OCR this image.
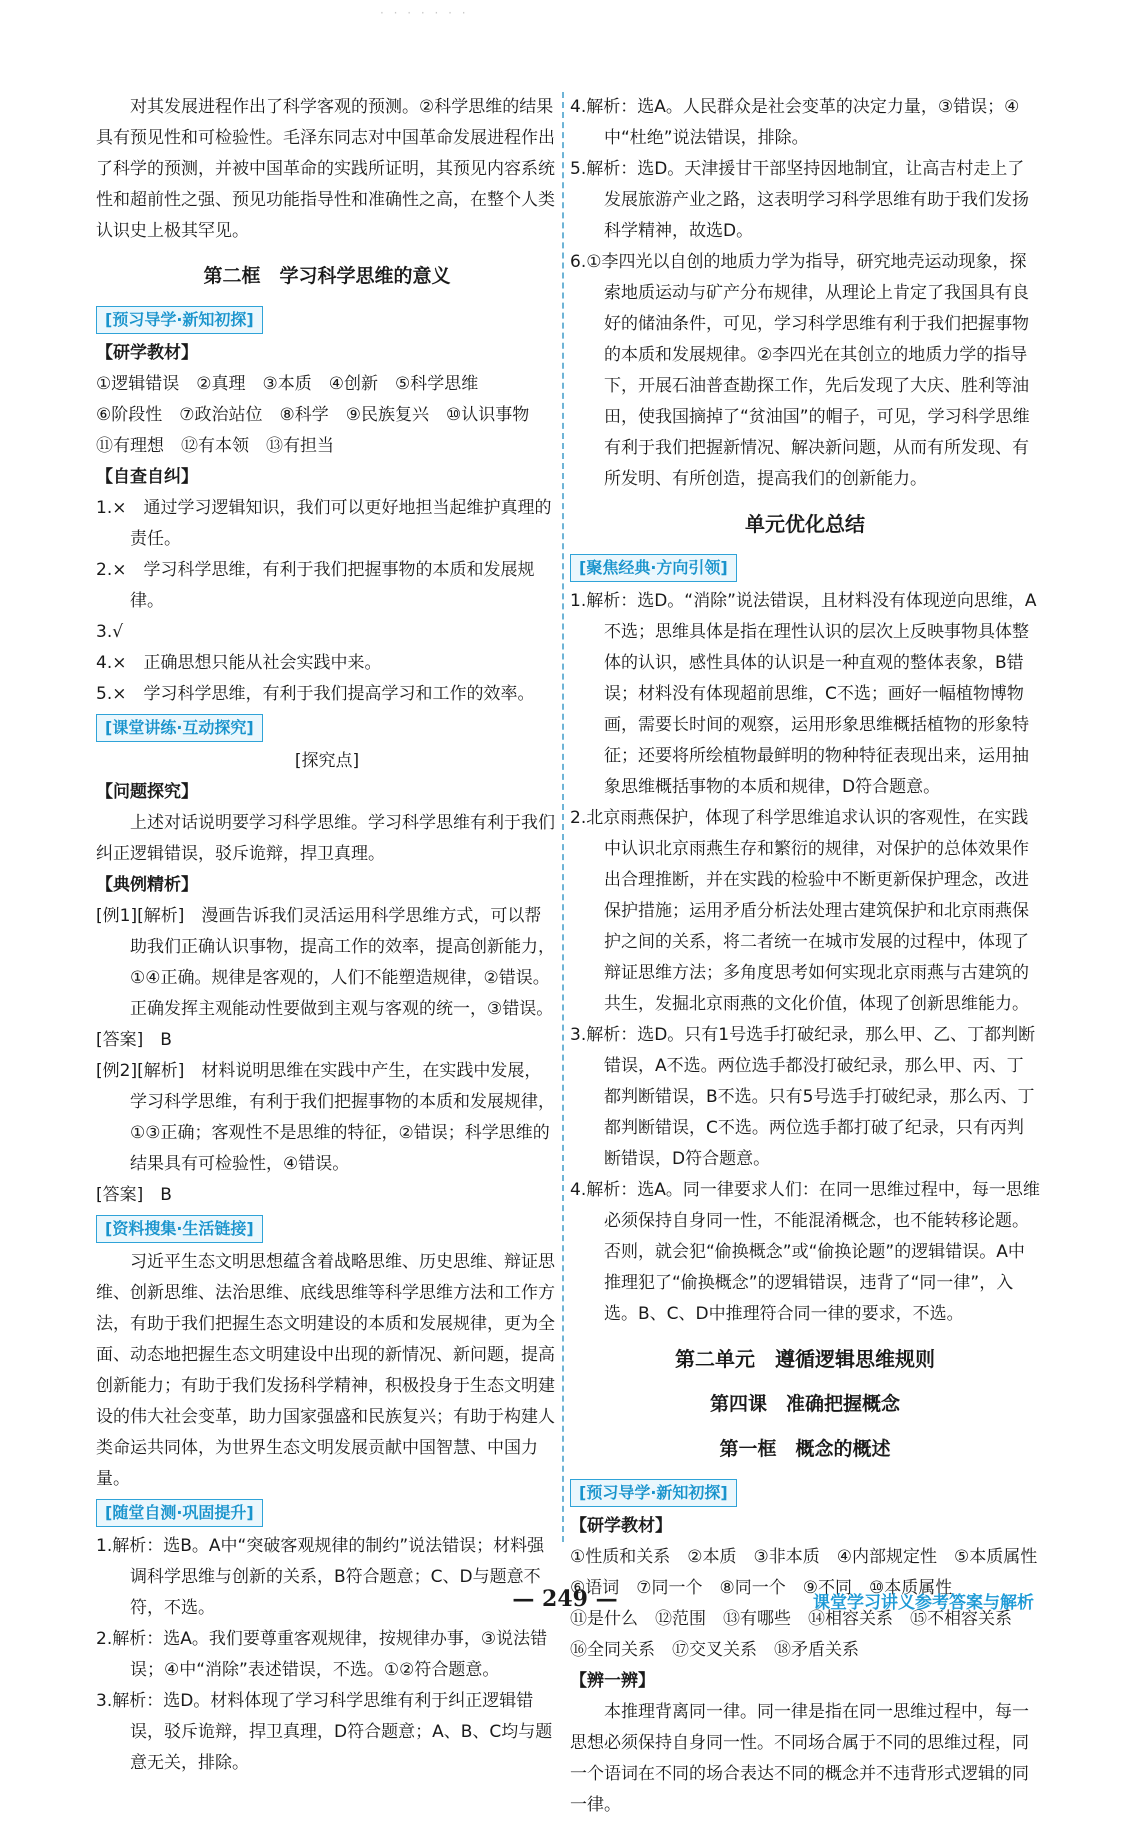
· · · · · · ·

对其发展进程作出了科学客观的预测。②科学思维的结果具有预见性和可检验性。毛泽东同志对中国革命发展进程作出了科学的预测，并被中国革命的实践所证明，其预见内容系统性和超前性之强、预见功能指导性和准确性之高，在整个人类认识史上极其罕见。

第二框　学习科学思维的意义
[预习导学·新知初探]
【研学教材】

①逻辑错误　②真理　③本质　④创新　⑤科学思维

⑥阶段性　⑦政治站位　⑧科学　⑨民族复兴　⑩认识事物

⑪有理想　⑫有本领　⑬有担当

【自查自纠】

1.×　通过学习逻辑知识，我们可以更好地担当起维护真理的责任。

2.×　学习科学思维，有利于我们把握事物的本质和发展规律。

3.√

4.×　正确思想只能从社会实践中来。

5.×　学习科学思维，有利于我们提高学习和工作的效率。

[课堂讲练·互动探究]

[探究点]

【问题探究】

上述对话说明要学习科学思维。学习科学思维有利于我们纠正逻辑错误，驳斥诡辩，捍卫真理。

【典例精析】

[例1][解析]　漫画告诉我们灵活运用科学思维方式，可以帮助我们正确认识事物，提高工作的效率，提高创新能力，①④正确。规律是客观的，人们不能塑造规律，②错误。正确发挥主观能动性要做到主观与客观的统一，③错误。

[答案]　B

[例2][解析]　材料说明思维在实践中产生，在实践中发展，学习科学思维，有利于我们把握事物的本质和发展规律，①③正确；客观性不是思维的特征，②错误；科学思维的结果具有可检验性，④错误。

[答案]　B

[资料搜集·生活链接]

习近平生态文明思想蕴含着战略思维、历史思维、辩证思维、创新思维、法治思维、底线思维等科学思维方法和工作方法，有助于我们把握生态文明建设的本质和发展规律，更为全面、动态地把握生态文明建设中出现的新情况、新问题，提高创新能力；有助于我们发扬科学精神，积极投身于生态文明建设的伟大社会变革，助力国家强盛和民族复兴；有助于构建人类命运共同体，为世界生态文明发展贡献中国智慧、中国力量。

[随堂自测·巩固提升]

1.解析：选B。A中“突破客观规律的制约”说法错误；材料强调科学思维与创新的关系，B符合题意；C、D与题意不符，不选。

2.解析：选A。我们要尊重客观规律，按规律办事，③说法错误；④中“消除”表述错误，不选。①②符合题意。

3.解析：选D。材料体现了学习科学思维有利于纠正逻辑错误，驳斥诡辩，捍卫真理，D符合题意；A、B、C均与题意无关，排除。

4.解析：选A。人民群众是社会变革的决定力量，③错误；④中“杜绝”说法错误，排除。

5.解析：选D。天津援甘干部坚持因地制宜，让高吉村走上了发展旅游产业之路，这表明学习科学思维有助于我们发扬科学精神，故选D。

6.①李四光以自创的地质力学为指导，研究地壳运动现象，探索地质运动与矿产分布规律，从理论上肯定了我国具有良好的储油条件，可见，学习科学思维有利于我们把握事物的本质和发展规律。②李四光在其创立的地质力学的指导下，开展石油普查勘探工作，先后发现了大庆、胜利等油田，使我国摘掉了“贫油国”的帽子，可见，学习科学思维有利于我们把握新情况、解决新问题，从而有所发现、有所发明、有所创造，提高我们的创新能力。

单元优化总结
[聚焦经典·方向引领]

1.解析：选D。“消除”说法错误，且材料没有体现逆向思维，A不选；思维具体是指在理性认识的层次上反映事物具体整体的认识，感性具体的认识是一种直观的整体表象，B错误；材料没有体现超前思维，C不选；画好一幅植物博物画，需要长时间的观察，运用形象思维概括植物的形象特征；还要将所绘植物最鲜明的物种特征表现出来，运用抽象思维概括事物的本质和规律，D符合题意。

2.北京雨燕保护，体现了科学思维追求认识的客观性，在实践中认识北京雨燕生存和繁衍的规律，对保护的总体效果作出合理推断，并在实践的检验中不断更新保护理念，改进保护措施；运用矛盾分析法处理古建筑保护和北京雨燕保护之间的关系，将二者统一在城市发展的过程中，体现了辩证思维方法；多角度思考如何实现北京雨燕与古建筑的共生，发掘北京雨燕的文化价值，体现了创新思维能力。

3.解析：选D。只有1号选手打破纪录，那么甲、乙、丁都判断错误，A不选。两位选手都没打破纪录，那么甲、丙、丁都判断错误，B不选。只有5号选手打破纪录，那么丙、丁都判断错误，C不选。两位选手都打破了纪录，只有丙判断错误，D符合题意。

4.解析：选A。同一律要求人们：在同一思维过程中，每一思维必须保持自身同一性，不能混淆概念，也不能转移论题。否则，就会犯“偷换概念”或“偷换论题”的逻辑错误。A中推理犯了“偷换概念”的逻辑错误，违背了“同一律”，入选。B、C、D中推理符合同一律的要求，不选。

第二单元　遵循逻辑思维规则
第四课　准确把握概念
第一框　概念的概述
[预习导学·新知初探]
【研学教材】

①性质和关系　②本质　③非本质　④内部规定性　⑤本质属性　⑥语词　⑦同一个　⑧同一个　⑨不同　⑩本质属性

⑪是什么　⑫范围　⑬有哪些　⑭相容关系　⑮不相容关系

⑯全同关系　⑰交叉关系　⑱矛盾关系

【辨一辨】

本推理背离同一律。同一律是指在同一思维过程中，每一思想必须保持自身同一性。不同场合属于不同的思维过程，同一个语词在不同的场合表达不同的概念并不违背形式逻辑的同一律。

— 249 —	课堂学习讲义参考答案与解析
